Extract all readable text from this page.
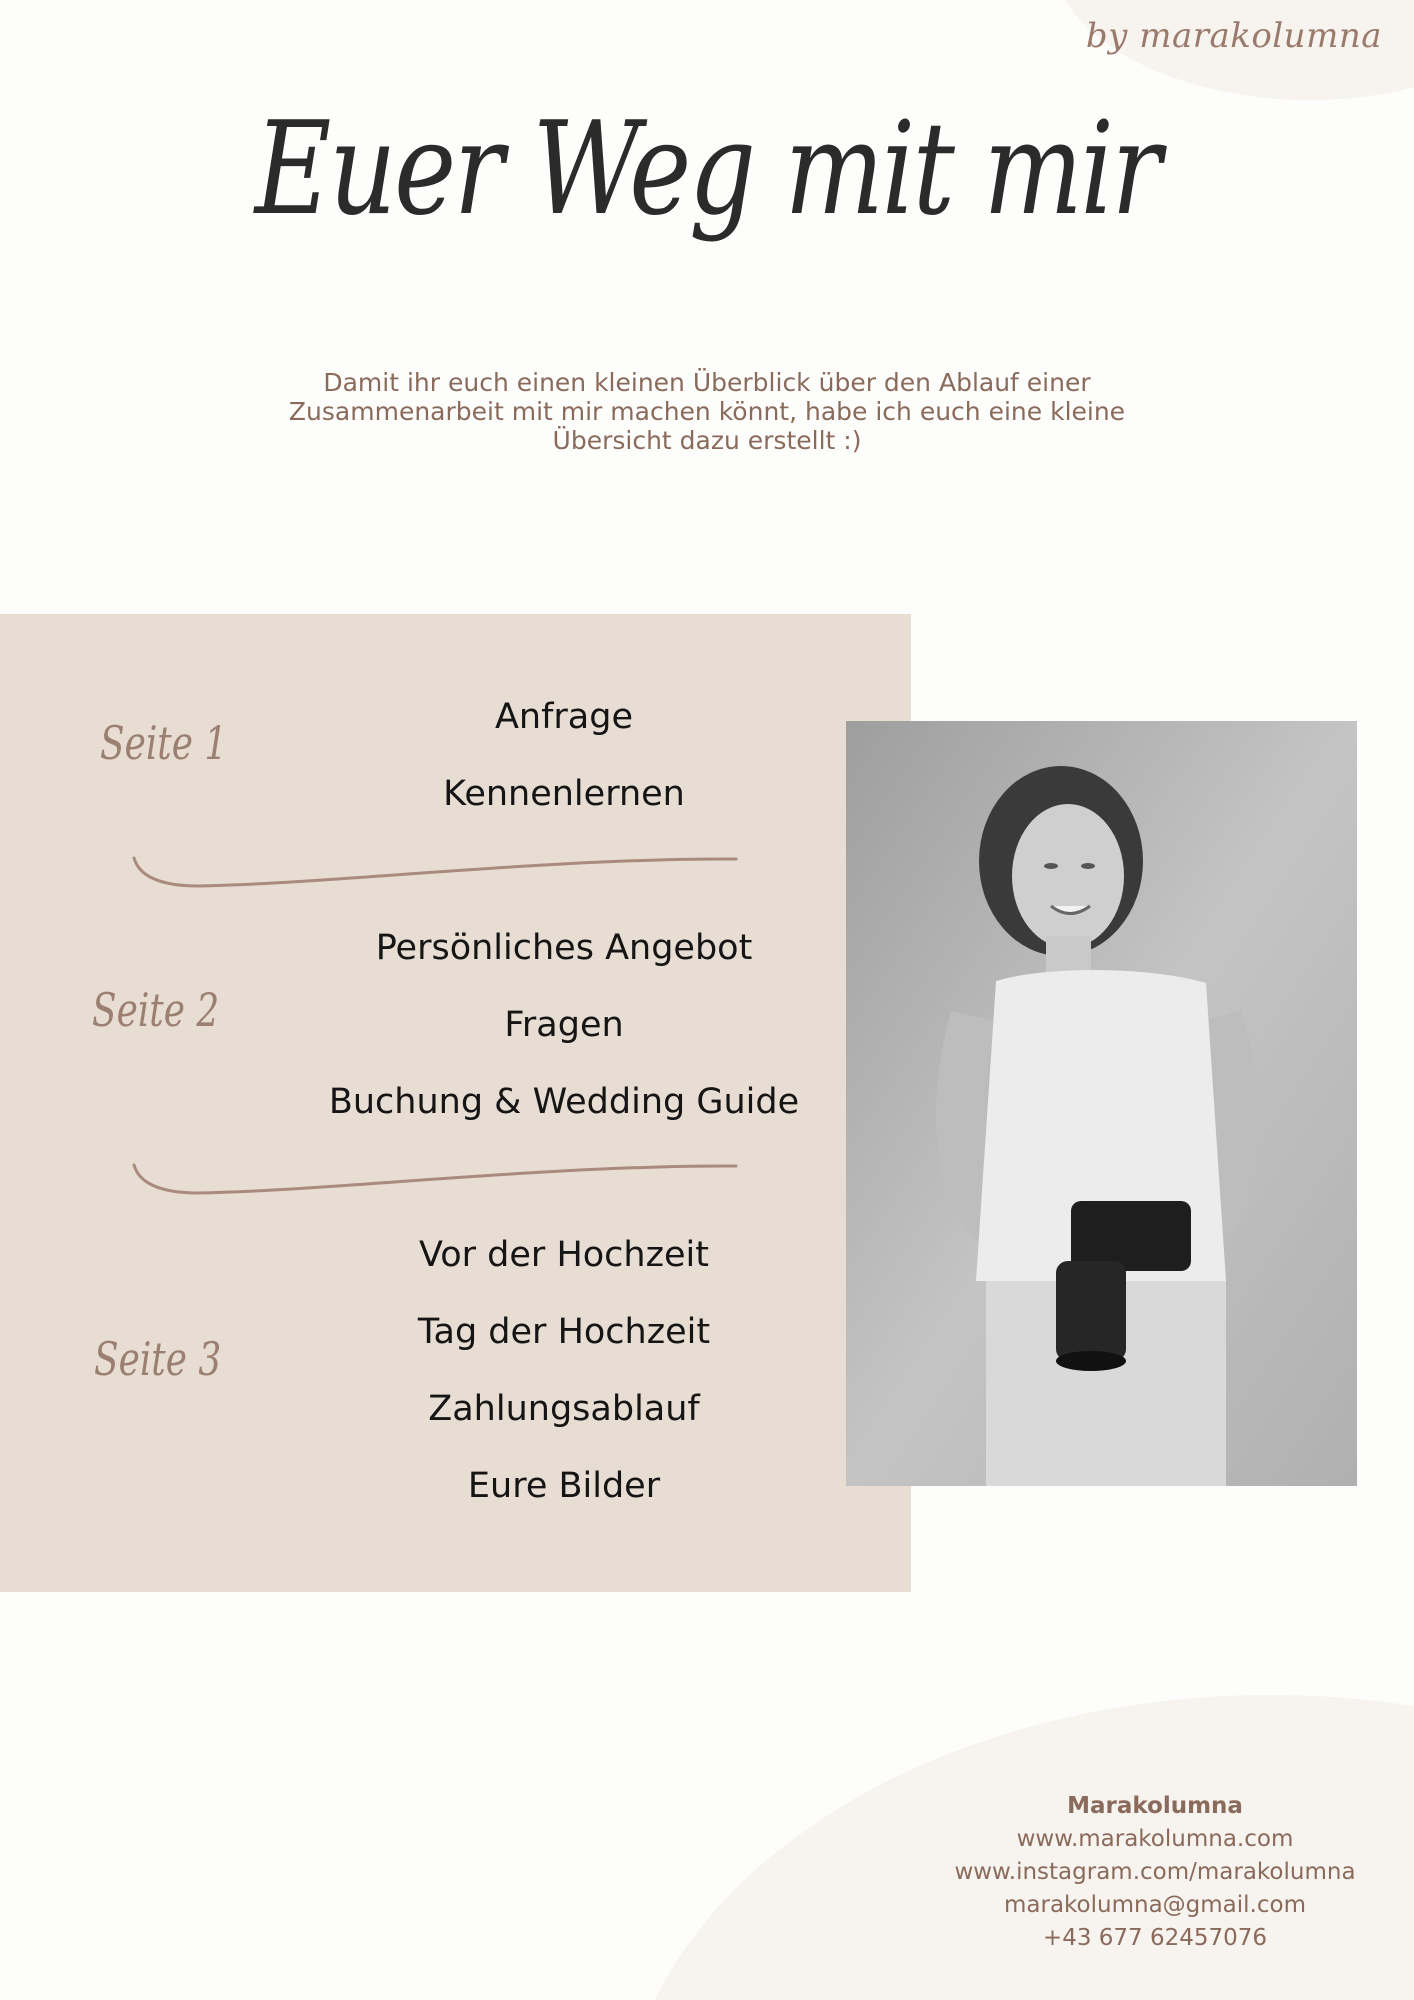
by marakolumna
Euer Weg mit mir
Damit ihr euch einen kleinen Überblick über den Ablauf einer
Zusammenarbeit mit mir machen könnt, habe ich euch eine kleine
Übersicht dazu erstellt :)
Seite 1
Seite 2
Seite 3
Anfrage
Kennenlernen
Persönliches Angebot
Fragen
Buchung & Wedding Guide
Vor der Hochzeit
Tag der Hochzeit
Zahlungsablauf
Eure Bilder
Marakolumna
www.marakolumna.com
www.instagram.com/marakolumna
marakolumna@gmail.com
+43 677 62457076
